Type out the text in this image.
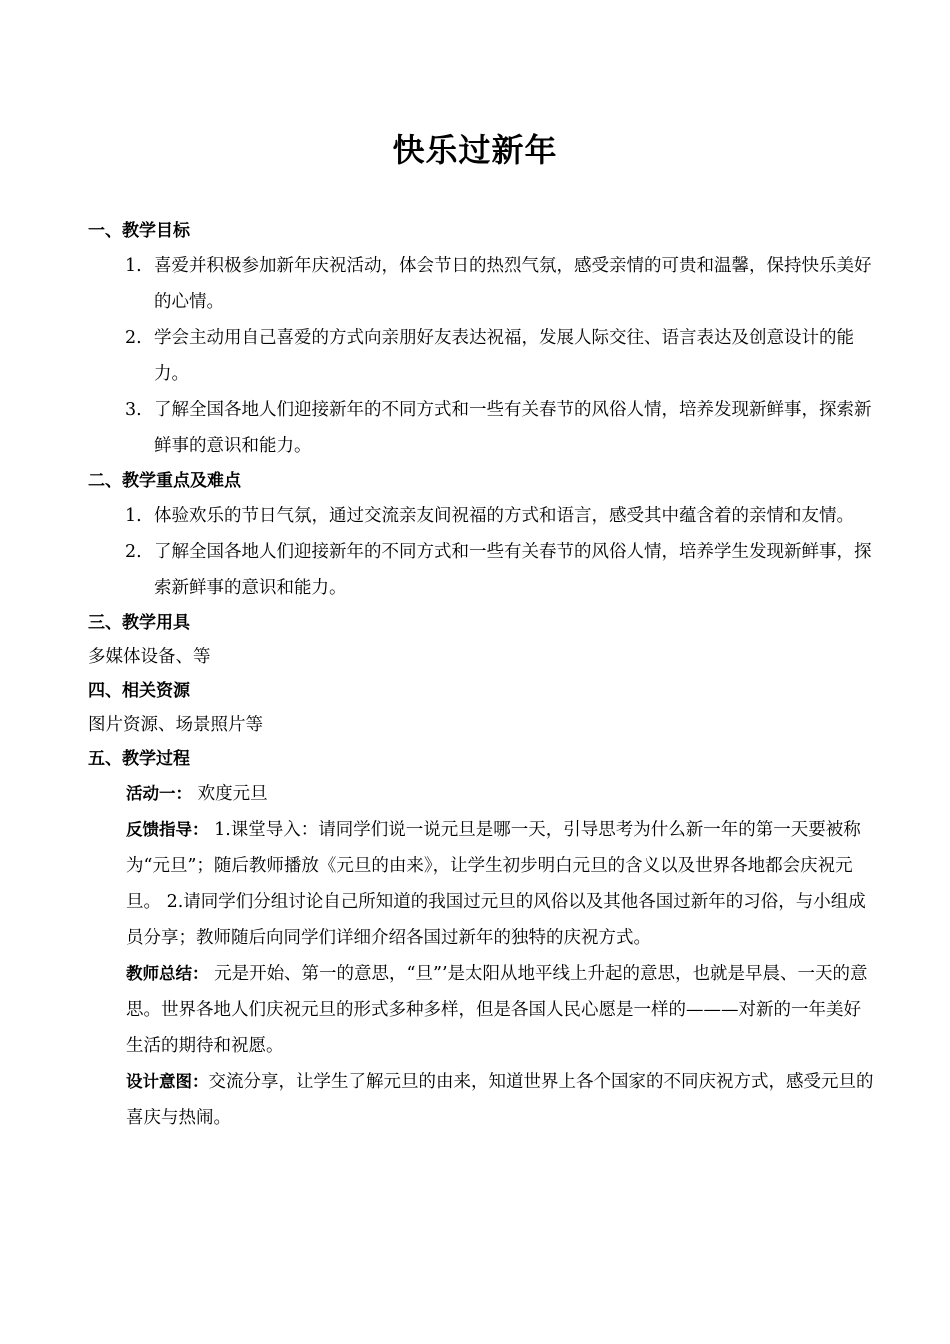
快乐过新年

一、教学目标

1. 喜爱并积极参加新年庆祝活动，体会节日的热烈气氛，感受亲情的可贵和温馨，保持快乐美好的心情。

2. 学会主动用自己喜爱的方式向亲朋好友表达祝福，发展人际交往、语言表达及创意设计的能力。

3. 了解全国各地人们迎接新年的不同方式和一些有关春节的风俗人情，培养发现新鲜事，探索新鲜事的意识和能力。

二、教学重点及难点

1. 体验欢乐的节日气氛，通过交流亲友间祝福的方式和语言，感受其中蕴含着的亲情和友情。

2. 了解全国各地人们迎接新年的不同方式和一些有关春节的风俗人情，培养学生发现新鲜事，探索新鲜事的意识和能力。

三、教学用具

多媒体设备、等

四、相关资源

图片资源、场景照片等

五、教学过程

活动一： 欢度元旦

反馈指导： 1.课堂导入：请同学们说一说元旦是哪一天，引导思考为什么新一年的第一天要被称为“元旦”；随后教师播放《元旦的由来》，让学生初步明白元旦的含义以及世界各地都会庆祝元旦。 2.请同学们分组讨论自己所知道的我国过元旦的风俗以及其他各国过新年的习俗，与小组成员分享；教师随后向同学们详细介绍各国过新年的独特的庆祝方式。

教师总结： 元是开始、第一的意思，“旦”’是太阳从地平线上升起的意思，也就是早晨、一天的意思。世界各地人们庆祝元旦的形式多种多样，但是各国人民心愿是一样的———对新的一年美好生活的期待和祝愿。

设计意图：交流分享，让学生了解元旦的由来，知道世界上各个国家的不同庆祝方式，感受元旦的喜庆与热闹。
